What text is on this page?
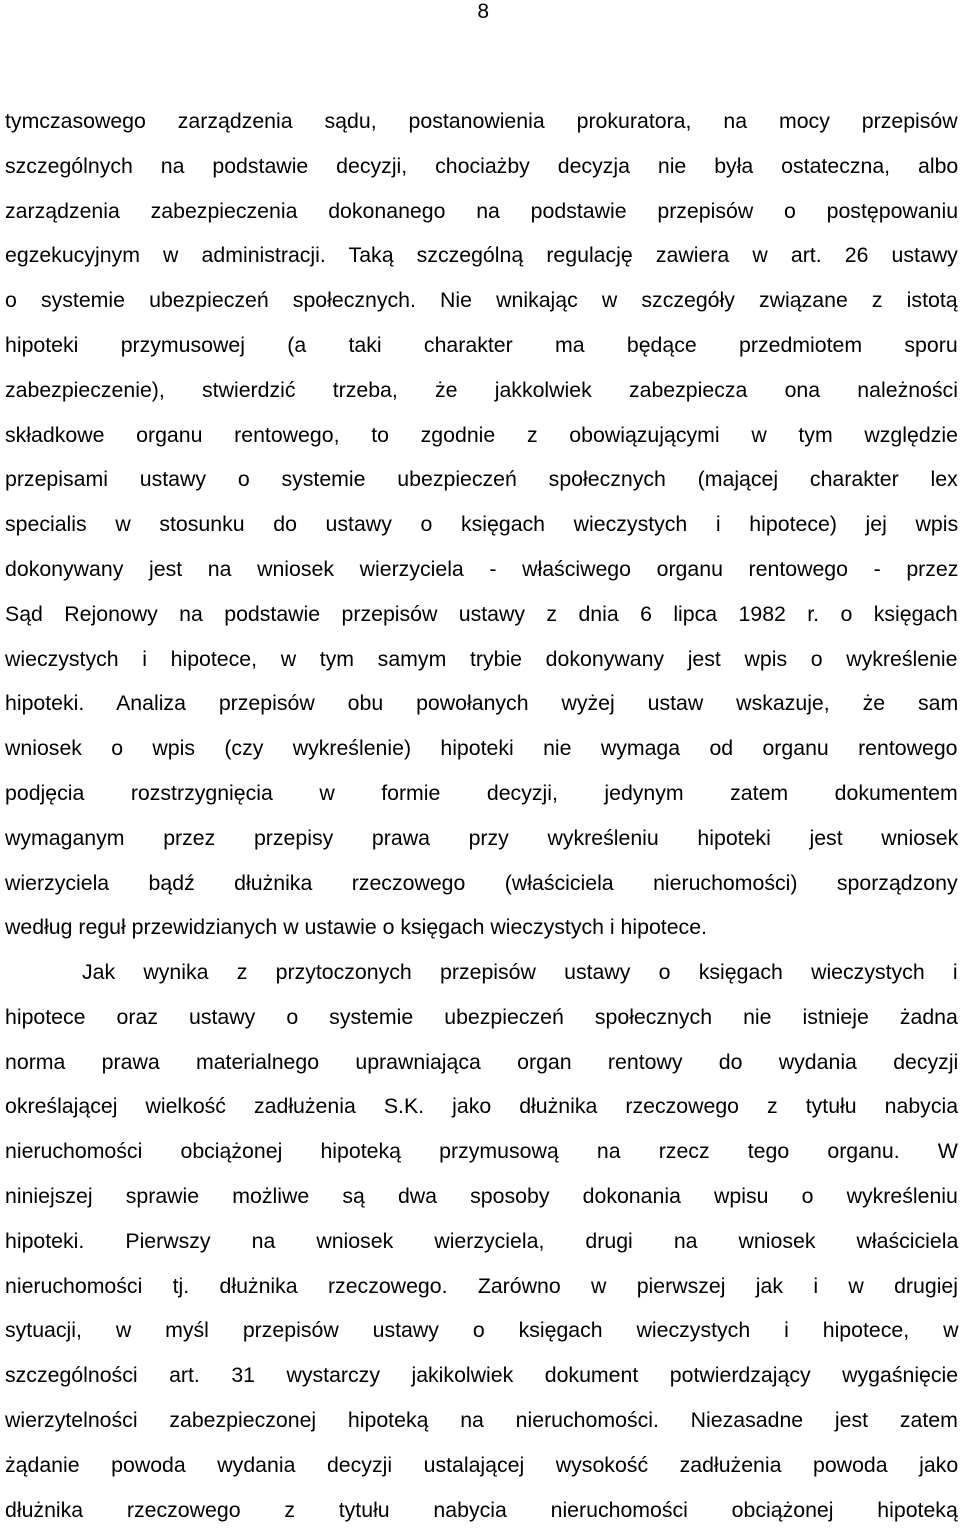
8
tymczasowego zarządzenia sądu, postanowienia prokuratora, na mocy przepisów
szczególnych na podstawie decyzji, chociażby decyzja nie była ostateczna, albo
zarządzenia zabezpieczenia dokonanego na podstawie przepisów o postępowaniu
egzekucyjnym w administracji. Taką szczególną regulację zawiera w art. 26 ustawy
o systemie ubezpieczeń społecznych. Nie wnikając w szczegóły związane z istotą
hipoteki przymusowej (a taki charakter ma będące przedmiotem sporu
zabezpieczenie), stwierdzić trzeba, że jakkolwiek zabezpiecza ona należności
składkowe organu rentowego, to zgodnie z obowiązującymi w tym względzie
przepisami ustawy o systemie ubezpieczeń społecznych (mającej charakter lex
specialis w stosunku do ustawy o księgach wieczystych i hipotece) jej wpis
dokonywany jest na wniosek wierzyciela - właściwego organu rentowego - przez
Sąd Rejonowy na podstawie przepisów ustawy z dnia 6 lipca 1982 r. o księgach
wieczystych i hipotece, w tym samym trybie dokonywany jest wpis o wykreślenie
hipoteki. Analiza przepisów obu powołanych wyżej ustaw wskazuje, że sam
wniosek o wpis (czy wykreślenie) hipoteki nie wymaga od organu rentowego
podjęcia rozstrzygnięcia w formie decyzji, jedynym zatem dokumentem
wymaganym przez przepisy prawa przy wykreśleniu hipoteki jest wniosek
wierzyciela bądź dłużnika rzeczowego (właściciela nieruchomości) sporządzony
według reguł przewidzianych w ustawie o księgach wieczystych i hipotece.
Jak wynika z przytoczonych przepisów ustawy o księgach wieczystych i
hipotece oraz ustawy o systemie ubezpieczeń społecznych nie istnieje żadna
norma prawa materialnego uprawniająca organ rentowy do wydania decyzji
określającej wielkość zadłużenia S.K. jako dłużnika rzeczowego z tytułu nabycia
nieruchomości obciążonej hipoteką przymusową na rzecz tego organu. W
niniejszej sprawie możliwe są dwa sposoby dokonania wpisu o wykreśleniu
hipoteki. Pierwszy na wniosek wierzyciela, drugi na wniosek właściciela
nieruchomości tj. dłużnika rzeczowego. Zarówno w pierwszej jak i w drugiej
sytuacji, w myśl przepisów ustawy o księgach wieczystych i hipotece, w
szczególności art. 31 wystarczy jakikolwiek dokument potwierdzający wygaśnięcie
wierzytelności zabezpieczonej hipoteką na nieruchomości. Niezasadne jest zatem
żądanie powoda wydania decyzji ustalającej wysokość zadłużenia powoda jako
dłużnika rzeczowego z tytułu nabycia nieruchomości obciążonej hipoteką
